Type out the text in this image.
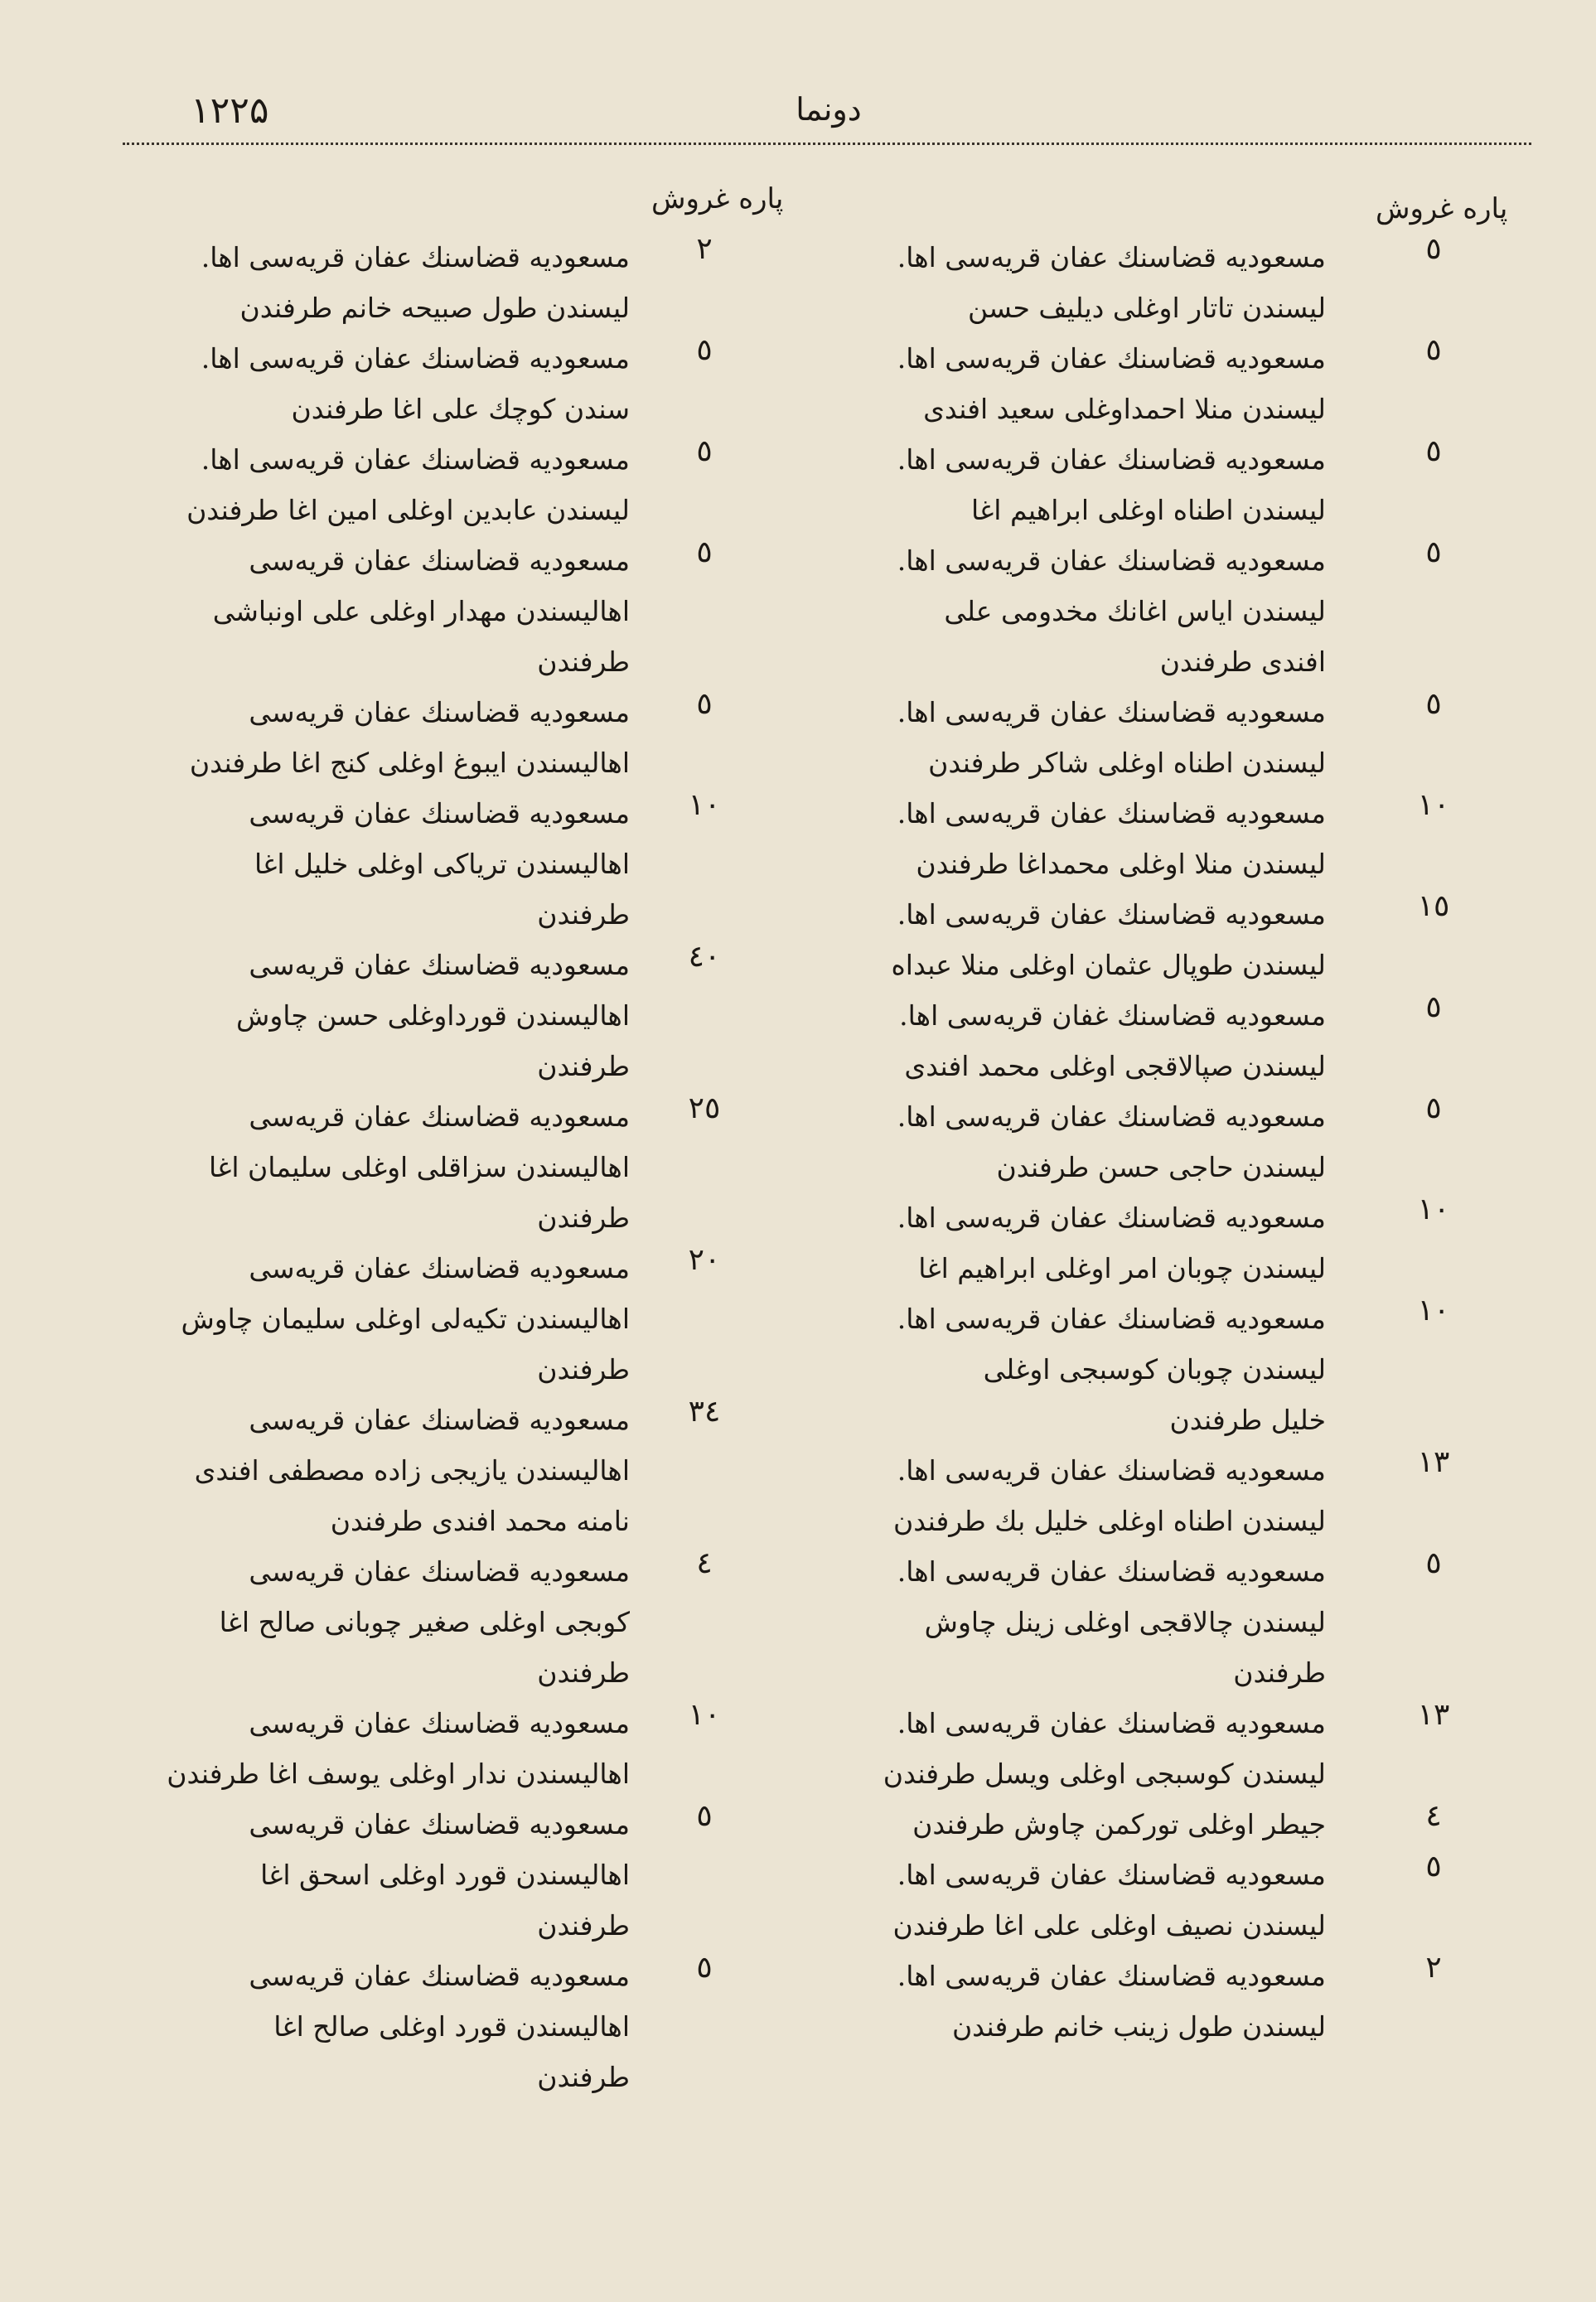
۱۲۲۵	دونما
پاره غروش
پاره غروش
٥
مسعودیه قضاسنك عفان قریه‌سی اها.
لیسندن تاتار اوغلی دیلیف حسن
٥
مسعودیه قضاسنك عفان قریه‌سی اها.
لیسندن منلا احمداوغلی سعید افندی
٥
مسعودیه قضاسنك عفان قریه‌سی اها.
لیسندن اطناه اوغلی ابراهیم اغا
٥
مسعودیه قضاسنك عفان قریه‌سی اها.
لیسندن ایاس اغانك مخدومی علی
افندی طرفندن
٥
مسعودیه قضاسنك عفان قریه‌سی اها.
لیسندن اطناه اوغلی شاکر طرفندن
١٠
مسعودیه قضاسنك عفان قریه‌سی اها.
لیسندن منلا اوغلی محمداغا طرفندن
١٥
مسعودیه قضاسنك عفان قریه‌سی اها.
لیسندن طوپال عثمان اوغلی منلا عبداه
٥
مسعودیه قضاسنك غفان قریه‌سی اها.
لیسندن صپالاقجی اوغلی محمد افندی
٥
مسعودیه قضاسنك عفان قریه‌سی اها.
لیسندن حاجی حسن طرفندن
١٠
مسعودیه قضاسنك عفان قریه‌سی اها.
لیسندن چوبان امر اوغلی ابراهیم اغا
١٠
مسعودیه قضاسنك عفان قریه‌سی اها.
لیسندن چوبان کوسبجی اوغلی
خلیل طرفندن
١٣
مسعودیه قضاسنك عفان قریه‌سی اها.
لیسندن اطناه اوغلی خلیل بك طرفندن
٥
مسعودیه قضاسنك عفان قریه‌سی اها.
لیسندن چالاقجی اوغلی زینل چاوش
طرفندن
١٣
مسعودیه قضاسنك عفان قریه‌سی اها.
لیسندن کوسبجی اوغلی ویسل طرفندن
٤
جیطر اوغلی تورکمن چاوش طرفندن
٥
مسعودیه قضاسنك عفان قریه‌سی اها.
لیسندن نصیف اوغلی علی اغا طرفندن
٢
مسعودیه قضاسنك عفان قریه‌سی اها.
لیسندن طول زینب خانم طرفندن
٢
مسعودیه قضاسنك عفان قریه‌سی اها.
لیسندن طول صبیحه خانم طرفندن
٥
مسعودیه قضاسنك عفان قریه‌سی اها.
سندن کوچك علی اغا طرفندن
٥
مسعودیه قضاسنك عفان قریه‌سی اها.
لیسندن عابدین اوغلی امین اغا طرفندن
٥
مسعودیه قضاسنك عفان قریه‌سی
اهالیسندن مهدار اوغلی علی اونباشی
طرفندن
٥
مسعودیه قضاسنك عفان قریه‌سی
اهالیسندن ایبوغ اوغلی کنج اغا طرفندن
١٠
مسعودیه قضاسنك عفان قریه‌سی
اهالیسندن تریاکی اوغلی خلیل اغا
طرفندن
٤٠
مسعودیه قضاسنك عفان قریه‌سی
اهالیسندن قورداوغلی حسن چاوش
طرفندن
٢٥
مسعودیه قضاسنك عفان قریه‌سی
اهالیسندن سزاقلی اوغلی سلیمان اغا
طرفندن
٢٠
مسعودیه قضاسنك عفان قریه‌سی
اهالیسندن تکیه‌لی اوغلی سلیمان چاوش
طرفندن
٣٤
مسعودیه قضاسنك عفان قریه‌سی
اهالیسندن یازیجی زاده مصطفی افندی
نامنه محمد افندی طرفندن
٤
مسعودیه قضاسنك عفان قریه‌سی
کوبجی اوغلی صغیر چوبانی صالح اغا
طرفندن
١٠
مسعودیه قضاسنك عفان قریه‌سی
اهالیسندن ندار اوغلی یوسف اغا طرفندن
٥
مسعودیه قضاسنك عفان قریه‌سی
اهالیسندن قورد اوغلی اسحق اغا
طرفندن
٥
مسعودیه قضاسنك عفان قریه‌سی
اهالیسندن قورد اوغلی صالح اغا
طرفندن
